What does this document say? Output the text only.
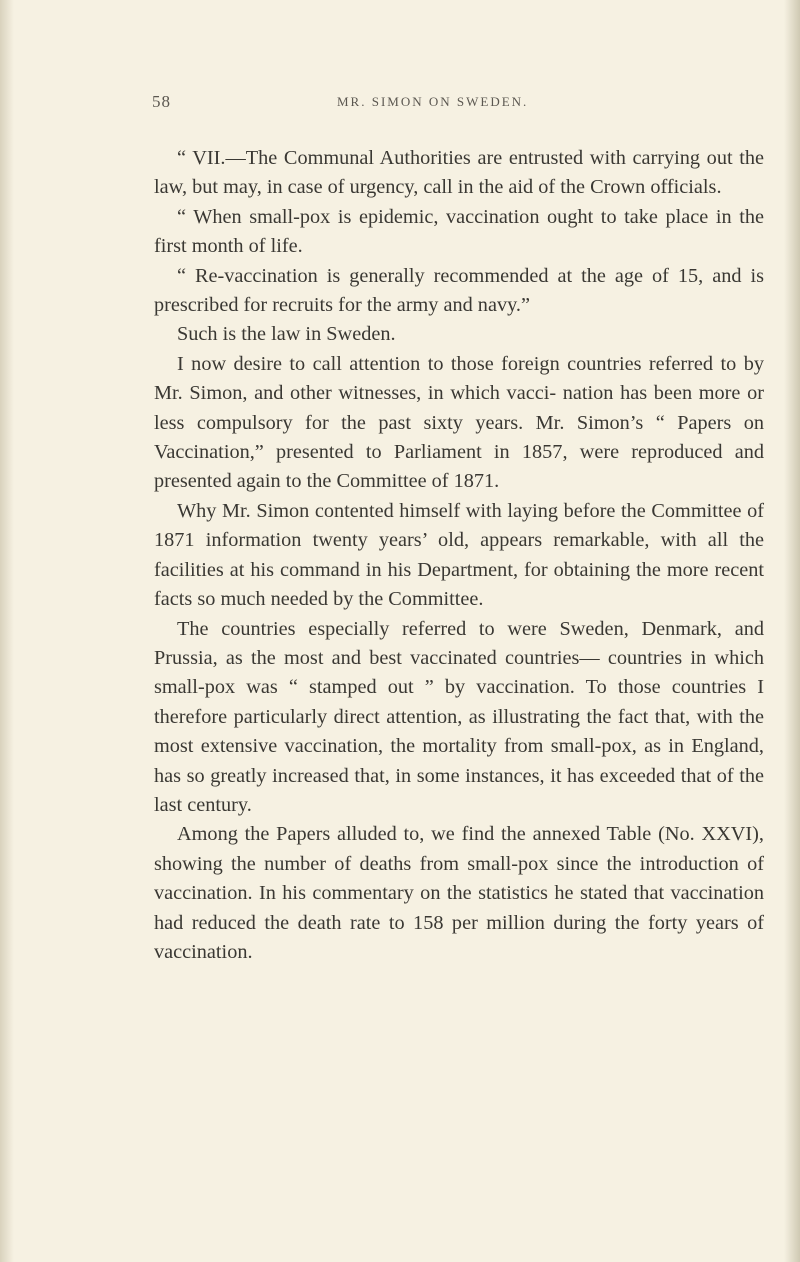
58	MR. SIMON ON SWEDEN.

“ VII.—The Communal Authorities are entrusted with carrying out the law, but may, in case of urgency, call in the aid of the Crown officials.

“ When small-pox is epidemic, vaccination ought to take place in the first month of life.

“ Re-vaccination is generally recommended at the age of 15, and is prescribed for recruits for the army and navy.”

Such is the law in Sweden.

I now desire to call attention to those foreign countries referred to by Mr. Simon, and other witnesses, in which vacci- nation has been more or less compulsory for the past sixty years. Mr. Simon’s “ Papers on Vaccination,” presented to Parliament in 1857, were reproduced and presented again to the Committee of 1871.

Why Mr. Simon contented himself with laying before the Committee of 1871 information twenty years’ old, appears remarkable, with all the facilities at his command in his Department, for obtaining the more recent facts so much needed by the Committee.

The countries especially referred to were Sweden, Denmark, and Prussia, as the most and best vaccinated countries— countries in which small-pox was “ stamped out ” by vaccination. To those countries I therefore particularly direct attention, as illustrating the fact that, with the most extensive vaccination, the mortality from small-pox, as in England, has so greatly increased that, in some instances, it has exceeded that of the last century.

Among the Papers alluded to, we find the annexed Table (No. XXVI), showing the number of deaths from small-pox since the introduction of vaccination. In his commentary on the statistics he stated that vaccination had reduced the death rate to 158 per million during the forty years of vaccination.
